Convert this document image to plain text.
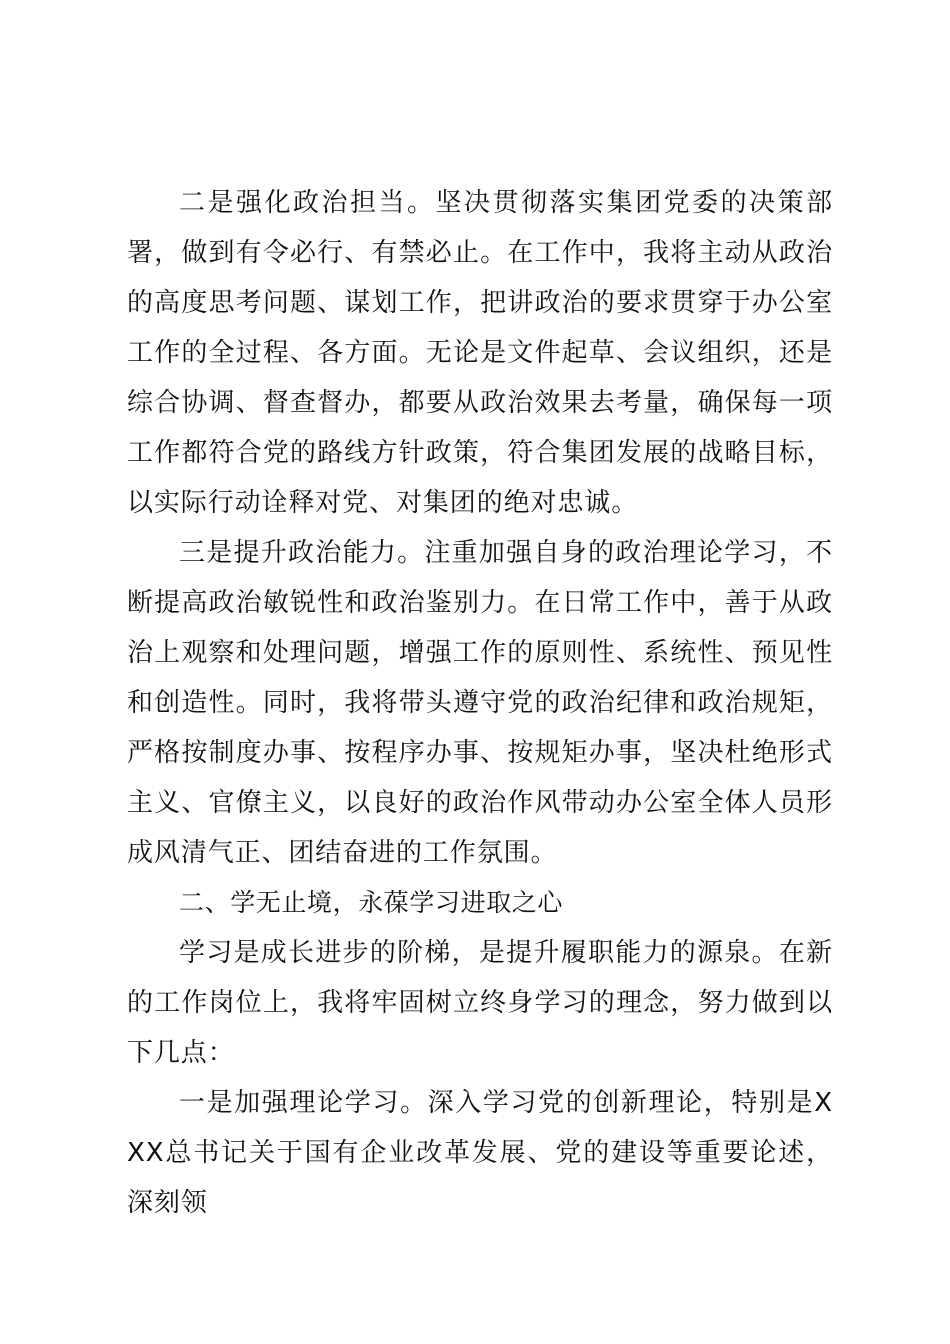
二是强化政治担当。坚决贯彻落实集团党委的决策部署，做到有令必行、有禁必止。在工作中，我将主动从政治的高度思考问题、谋划工作，把讲政治的要求贯穿于办公室工作的全过程、各方面。无论是文件起草、会议组织，还是综合协调、督查督办，都要从政治效果去考量，确保每一项工作都符合党的路线方针政策，符合集团发展的战略目标，以实际行动诠释对党、对集团的绝对忠诚。

三是提升政治能力。注重加强自身的政治理论学习，不断提高政治敏锐性和政治鉴别力。在日常工作中，善于从政治上观察和处理问题，增强工作的原则性、系统性、预见性和创造性。同时，我将带头遵守党的政治纪律和政治规矩，严格按制度办事、按程序办事、按规矩办事，坚决杜绝形式主义、官僚主义，以良好的政治作风带动办公室全体人员形成风清气正、团结奋进的工作氛围。

二、学无止境，永葆学习进取之心

学习是成长进步的阶梯，是提升履职能力的源泉。在新的工作岗位上，我将牢固树立终身学习的理念，努力做到以下几点：

一是加强理论学习。深入学习党的创新理论，特别是XXX总书记关于国有企业改革发展、党的建设等重要论述，深刻领
